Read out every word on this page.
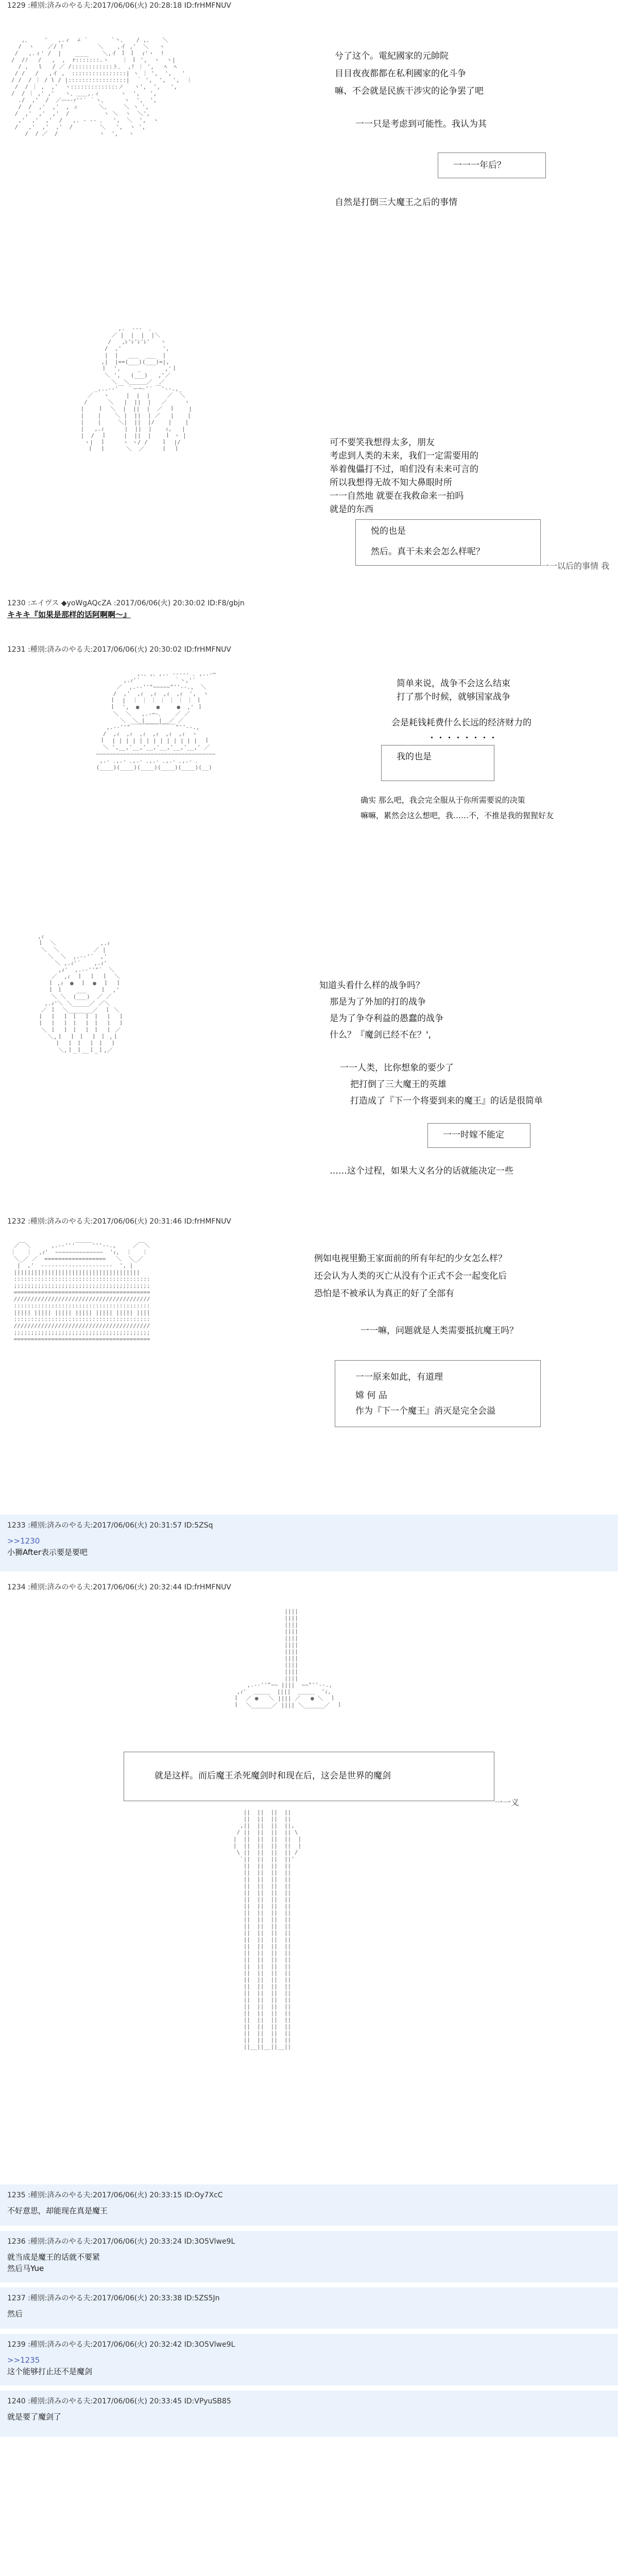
1229 :種別:済みのやる夫:2017/06/06(火) 20:28:18 ID:frHMFNUV
,、    '   ,.ィ  ∠ ´       `丶、   / ,、   ＼
/  ヽ    ／/ !          ＼    ,イ ,'  ＼   ヽ
/   ,.ィ' /  |    ____    ＼,イ ｌ ｌ  ｨ'ヽ  !
/  /ﾉ   /   ,  ,  r:::::::.ヽ    ｜ ｌ ',  ヽ  ヽ|
/ ,   l   / ／ /::::::::::::ト､  ,! ｜ ',   ﾍ  ﾍ
/ /   /   ,イ ,  ::::::::::::::::| ヽ ｜ ',  ',   '
/ /  / ｜ / l / |:::::::::::::::::|  ｀ ',  ',  ',  ｜
/  / ｜ ,  ,'  ヽ::::::::::::::ノ   ヽ',  ',   ',
/  / ｜ ,' ,'   ヽ、＿＿,.ィ      ヽ  ',   ',
./  ,'  /  ／ーｰ‐ｧ''´ ｀ヽ、     ヽ  ',  ',
/  /  ,'  ,'  , ィ      ＼、    ＼ ヽ ',
/  ,'  ,'  ,'  /          ヽ ＼  ヽ  ＼',
,'  ,'  ,'  /   ,. - ‐- ､   ',  ＼  ',  ヽ
/   ,'  ,'  ,'  /        ＼   ',  ヽ ',
/  / ／  /            ヽ  ',   ヽ

兮了这个。電紀國家的元帥院
目目夜夜都都在私利國家的化斗争
嘛、不会就是民族干涉灾的论争罢了吧
一一只是考虑到可能性。我认为其
一一一年后？
自然是打倒三大魔王之后的事情
,.  ---  ､
／ |  |  |  |＼
/   ,ﾚ'ﾚ'ﾚ'ﾚ'   ヽ
/  ,'            ',
|  |   ___  ___  |
,|  |==(___)(___)=|,
ｌ  ',     _       ,'ｌ
＼ ',   (___)   ,'／
＼  ＼＿＿＿／  ／
_,..-‐'￣ ｀ー─‐'´ ￣'‐-.,_
／   ヽ     |  |  |     ／  ＼
/      ＼   |  ||  |   ／     ヽ
|    ｌ  ＼  |  ||  |  ／  ｌ    |
|    |    ＼ |  ||  | ／   |    |
|    |     ＼|  ||  |/    |    |
|   ,.ｨ      |  ||  |    ｨ,   |
|  /  ｌ     |  ||  |    ｌ ヽ |
ヽ|  ｌ     ヽ ヽ/ /    ｌ  |/
ｌ  ｌ      ＼  ／     ｌ  ｌ

可不要笑我想得太多，朋友
考虑到人类的未来，我们一定需要用的
举着傀儡打不过，咱们没有未来可言的
所以我想得无故不知大鼻眼时所
一一自然地 就要在我救命来一拍吗
就是的东西
悦的也是
然后。真干未来会怎么样呢？
一一以后的事情 我
1230 :エイヴス ◆yoWgAQcZA :2017/06/06(火) 20:30:02 ID:F8/gbjn
キキキ『如果是那样的话阿啊啊～』
1231 :種別:済みのやる夫:2017/06/06(火) 20:30:02 ID:frHMFNUV
,.、,、,.. ---‐- ､ ,..-─
,.ｨ'´          ｀ヽ,'´
／  ,.-‐''"~~~~~"''‐-.,  ＼
/  ,'  ,ｨ  ,ｨ  ,ｨ  ,ｨ  ',  ヽ
ｌ  |  ｜ ｜ ｜ ｜ ｜ ｜ ｜ ｌ
ｌ  ',  ●     ●     ●  ,' ｌ
＼  ＼   ,.-─-､    ／ ／
＼  ＼_|____|__／ ／
,.-‐''"￣￣￣￣￣￣￣￣"''‐-.,
/  ,ｨ  ,ｨ  ,ｨ  ,ｨ  ,ｨ  ,ｨ  ヽ
ｌ  | | | | | | | | | | | | |  ｌ
＼ ',__,'__,'__,'__,'__,'__,' ／
~~~~~~~~~~~~~~~~~~~~~~~~~~~~~~~~~~~
,.- ､,.- ､,.- ､,.- ､,.- ､,.- ､
(____)(____)(____)(____)(____)(__)

简单来说，战争不会这么结束
打了那个时候，就够国家战争
会是耗钱耗费什么长远的经济财力的
・・・・・・・・
我的也是
确实 那么吧，我会完全服从于你所需要说的决策
嘛嘛，累然会这么想吧，我……不，不推是我的猩猩好友
,ｨ
ｌ  ＼             ,.ｨ
＼  ＼          ／ |
＼  ＼  ,.-‐'´  ,'
＼ ,.ｨ'´    ,.ｨ'
,ｨ'  ,.-‐''"´  ＼
／  ,ｨ  ｌ  ｌ  ｌ  ＼
ｌ ,ｨ  ●  ｌ  ●  ｌ  ｌ
ｌ ｌ    ___    ｌ  ,'
＼ ＼  (___)  ／ ／
,.ｨ'＼ ＼_____／ ／＼
／ ｌ  ＼_______／  ｌ ＼
ｌ  ｌ  ｌ ｌ  ｌ ｌ  ｌ  ｌ
ｌ  ｌ  ｌ ｌ  ｌ ｌ  ｌ  ｌ
＼ ｌ  ｌ ｌ  ｌ ｌ  ｌ ／
＼,ｌ  ｌ ｌ  ｌ ｌ ,ｌ
ｌ  ｌ ｌ  ｌ ｌ  ｌ
＼,ｌ_ｌ__ｌ_ｌ,／

知道头看什么样的战争吗？
那是为了外加的打的战争
是为了争夺利益的愚蠢的战争
什么？『魔剑已经不在？',
一一人类，比你想象的要少了
把打倒了三大魔王的英雄
打造成了『下一个将要到来的魔王』的话是很简单
一一时嫁不能定
……这个过程，如果大义名分的话就能决定一些
1232 :種別:済みのやる夫:2017/06/06(火) 20:31:46 ID:frHMFNUV
／￣＼      ,.-‐'''￣￣￣'''‐-.,     ／￣＼
｜   ｜  ,ｨ'  ~~~~~~~~~~~~~~  'ｨ,  ｜   ｜
＼_／ ／  ==================   ＼  ＼_／
|  ,'  ---------------------  ', |
|||||||||||||||||||||||||||||||||||||
::::::::::::::::::::::::::::::::::::::::
;;;;;;;;;;;;;;;;;;;;;;;;;;;;;;;;;;;;;;;;
========================================
////////////////////////////////////////
::::::::::::::::::::::::::::::::::::::::
||||| ||||| ||||| ||||| ||||| ||||| ||||
::::::::::::::::::::::::::::::::::::::::
////////////////////////////////////////
;;;;;;;;;;;;;;;;;;;;;;;;;;;;;;;;;;;;;;;;
========================================

例如电视里勤王家面前的所有年纪的少女怎么样？
还会认为人类的灭亡从没有个正式不会一起变化后
恐怕是不被承认为真正的好了全部有
一一嘛，问题就是人类需要抵抗魔王吗？
一一原来如此，有道理
嫦 何 品
作为『下一个魔王』消灭是完全会溢
1233 :種別:済みのやる夫:2017/06/06(火) 20:31:57 ID:5ZSq
>>1230
小狮After表示要是要吧
1234 :種別:済みのやる夫:2017/06/06(火) 20:32:44 ID:frHMFNUV
||||
||||
||||
||||
||||
||||
||||
||||
||||
||||
||||
,.-‐''"~~ ||||  ~~"''‐-.,
,ｨ'  ＿＿＿  ||||  ＿＿＿  'ｨ,
ｌ  ／ ●   ＼ |||| ／   ● ＼  ｌ
ｌ  ＼______／ |||| ＼______／  ｌ

就是这样。而后魔王杀死魔剑时和现在后，这会是世界的魔剑
一一义
||  ||  ||  ||
||  ||  ||  ||
,||  ||  ||  ||,
/ ||  ||  ||  || \
|  ||  ||  ||  ||  |
|  ||  ||  ||  ||  |
\ ||  ||  ||  || /
`||  ||  ||  ||'
||  ||  ||  ||
||  ||  ||  ||
||  ||  ||  ||
||  ||  ||  ||
||  ||  ||  ||
||  ||  ||  ||
||  ||  ||  ||
||  ||  ||  ||
||  ||  ||  ||
||  ||  ||  ||
||  ||  ||  ||
||  ||  ||  ||
||  ||  ||  ||
||  ||  ||  ||
||  ||  ||  ||
||  ||  ||  ||
||  ||  ||  ||
||  ||  ||  ||
||  ||  ||  ||
||  ||  ||  ||
||  ||  ||  ||
||  ||  ||  ||
||  ||  ||  ||
||  ||  ||  ||
||  ||  ||  ||
||  ||  ||  ||
||  ||  ||  ||
||__||__||__||

1235 :種別:済みのやる夫:2017/06/06(火) 20:33:15 ID:Oy7XcC
不好意思，却能现在真是魔王
1236 :種別:済みのやる夫:2017/06/06(火) 20:33:24 ID:3O5Vlwe9L
就当成是魔王的话就不要紧
然后马Yue
1237 :種別:済みのやる夫:2017/06/06(火) 20:33:38 ID:5ZS5Jn
然后
1239 :種別:済みのやる夫:2017/06/06(火) 20:32:42 ID:3O5Vlwe9L
>>1235
这个能够打止还不是魔剑
1240 :種別:済みのやる夫:2017/06/06(火) 20:33:45 ID:VPyuSB85
就是要了魔剑了
